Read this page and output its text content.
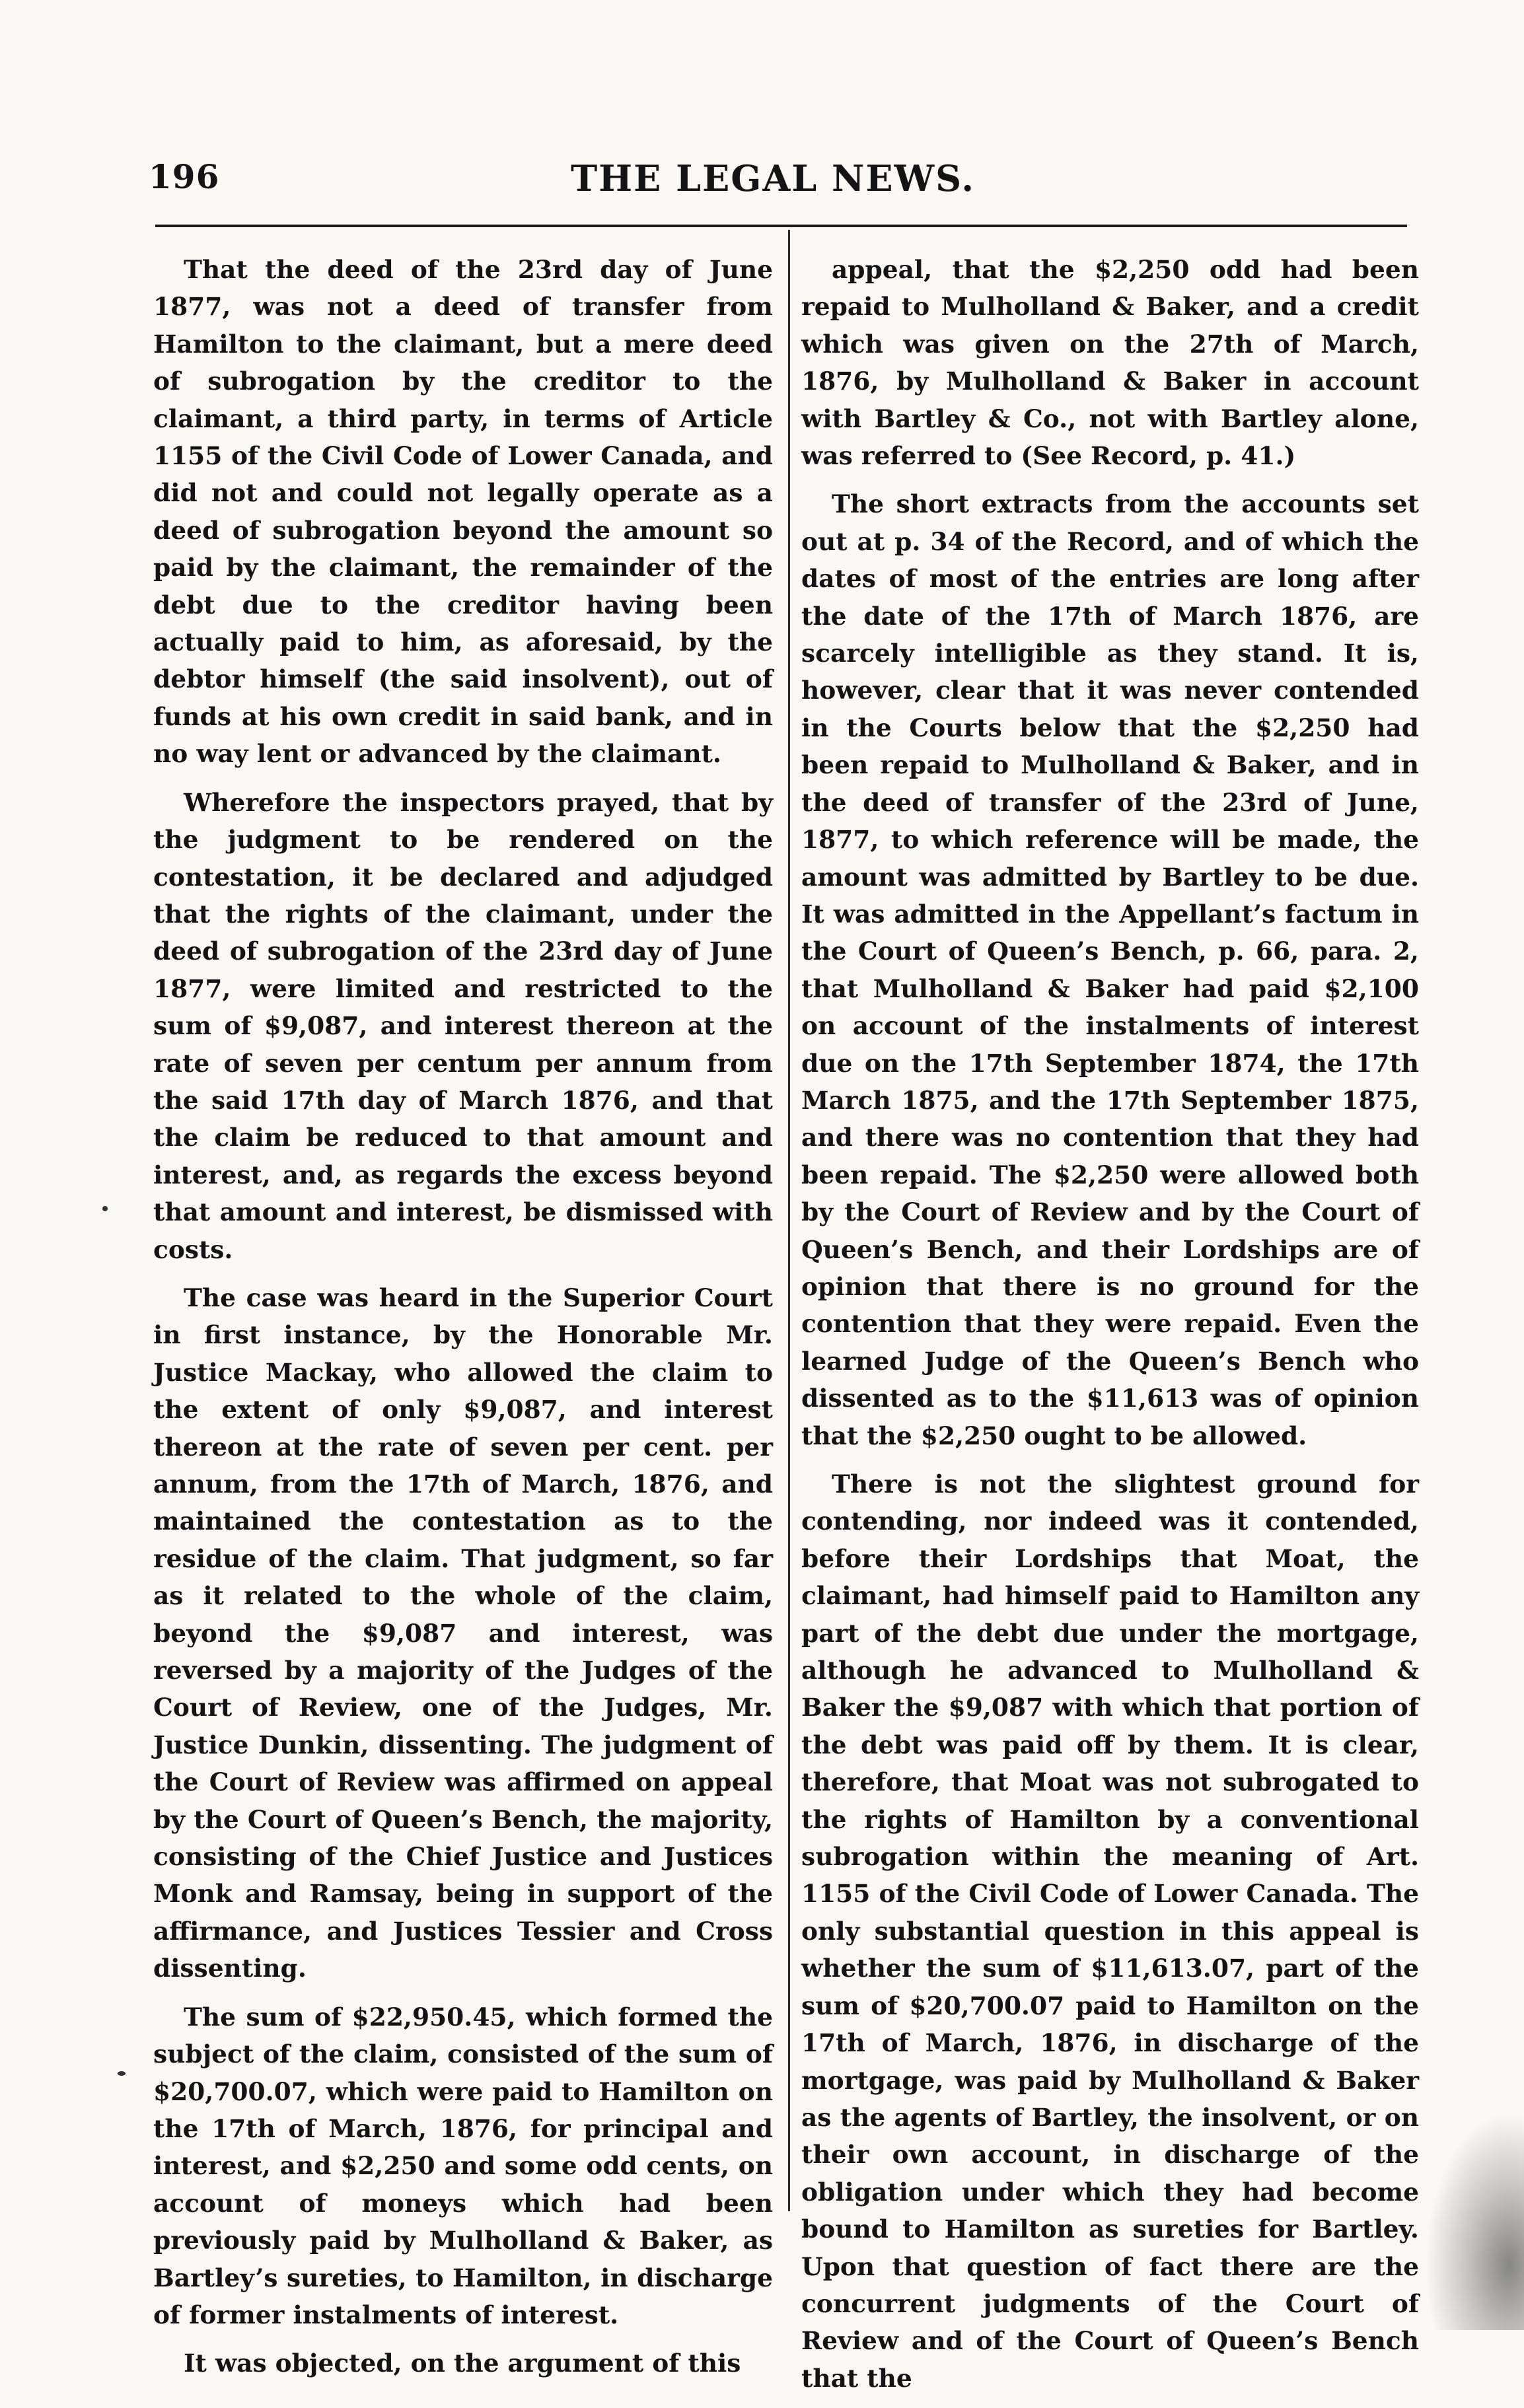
196	THE LEGAL NEWS.

That the deed of the 23rd day of June 1877, was not a deed of transfer from Hamilton to the claimant, but a mere deed of subrogation by the creditor to the claimant, a third party, in terms of Article 1155 of the Civil Code of Lower Canada, and did not and could not legally operate as a deed of subrogation beyond the amount so paid by the claimant, the remainder of the debt due to the creditor having been actually paid to him, as aforesaid, by the debtor himself (the said insolvent), out of funds at his own credit in said bank, and in no way lent or advanced by the claimant.

Wherefore the inspectors prayed, that by the judgment to be rendered on the contestation, it be declared and adjudged that the rights of the claimant, under the deed of subrogation of the 23rd day of June 1877, were limited and restricted to the sum of $9,087, and interest thereon at the rate of seven per centum per annum from the said 17th day of March 1876, and that the claim be reduced to that amount and interest, and, as regards the excess beyond that amount and interest, be dismissed with costs.

The case was heard in the Superior Court in first instance, by the Honorable Mr. Justice Mackay, who allowed the claim to the extent of only $9,087, and interest thereon at the rate of seven per cent. per annum, from the 17th of March, 1876, and maintained the contestation as to the residue of the claim. That judgment, so far as it related to the whole of the claim, beyond the $9,087 and interest, was reversed by a majority of the Judges of the Court of Review, one of the Judges, Mr. Justice Dunkin, dissenting. The judgment of the Court of Review was affirmed on appeal by the Court of Queen’s Bench, the majority, consisting of the Chief Justice and Justices Monk and Ramsay, being in support of the affirmance, and Justices Tessier and Cross dissenting.

The sum of $22,950.45, which formed the subject of the claim, consisted of the sum of $20,700.07, which were paid to Hamilton on the 17th of March, 1876, for principal and interest, and $2,250 and some odd cents, on account of moneys which had been previously paid by Mulholland & Baker, as Bartley’s sureties, to Hamilton, in discharge of former instalments of interest.

It was objected, on the argument of this

appeal, that the $2,250 odd had been repaid to Mulholland & Baker, and a credit which was given on the 27th of March, 1876, by Mulholland & Baker in account with Bartley & Co., not with Bartley alone, was referred to (See Record, p. 41.)

The short extracts from the accounts set out at p. 34 of the Record, and of which the dates of most of the entries are long after the date of the 17th of March 1876, are scarcely intelligible as they stand. It is, however, clear that it was never contended in the Courts below that the $2,250 had been repaid to Mulholland & Baker, and in the deed of transfer of the 23rd of June, 1877, to which reference will be made, the amount was admitted by Bartley to be due. It was admitted in the Appellant’s factum in the Court of Queen’s Bench, p. 66, para. 2, that Mulholland & Baker had paid $2,100 on account of the instalments of interest due on the 17th September 1874, the 17th March 1875, and the 17th September 1875, and there was no contention that they had been repaid. The $2,250 were allowed both by the Court of Review and by the Court of Queen’s Bench, and their Lordships are of opinion that there is no ground for the contention that they were repaid. Even the learned Judge of the Queen’s Bench who dissented as to the $11,613 was of opinion that the $2,250 ought to be allowed.

There is not the slightest ground for contending, nor indeed was it contended, before their Lordships that Moat, the claimant, had himself paid to Hamilton any part of the debt due under the mortgage, although he advanced to Mulholland & Baker the $9,087 with which that portion of the debt was paid off by them. It is clear, therefore, that Moat was not subrogated to the rights of Hamilton by a conventional subrogation within the meaning of Art. 1155 of the Civil Code of Lower Canada. The only substantial question in this appeal is whether the sum of $11,613.07, part of the sum of $20,700.07 paid to Hamilton on the 17th of March, 1876, in discharge of the mortgage, was paid by Mulholland & Baker as the agents of Bartley, the insolvent, or on their own account, in discharge of the obligation under which they had become bound to Hamilton as sureties for Bartley. Upon that question of fact there are the concurrent judgments of the Court of Review and of the Court of Queen’s Bench that the
